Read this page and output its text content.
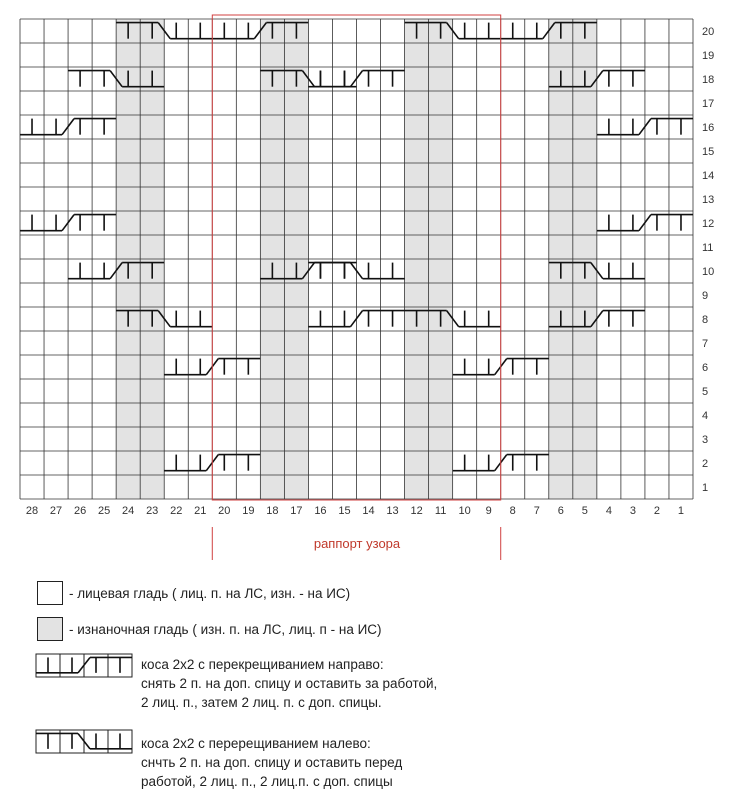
1
2
3
4
5
6
7
8
9
10
11
12
13
14
15
16
17
18
19
20
28 27 26 25 24 23 22 21 20 19 18 17 16 15 14 13 12 11 10 9 8 7 6 5 4 3 2 1
раппорт узора
- лицевая гладь ( лиц. п. на ЛС, изн. - на ИС)
- изнаночная гладь ( изн. п. на ЛС, лиц. п - на ИС)
коса 2х2 с перекрещиванием направо:
снять 2 п. на доп. спицу и оставить за работой,
2 лиц. п., затем 2 лиц. п. с доп. спицы.
коса 2х2 с перерещиванием налево:
снчть 2 п. на доп. спицу и оставить перед
работой, 2 лиц. п., 2 лиц.п. с доп. спицы
